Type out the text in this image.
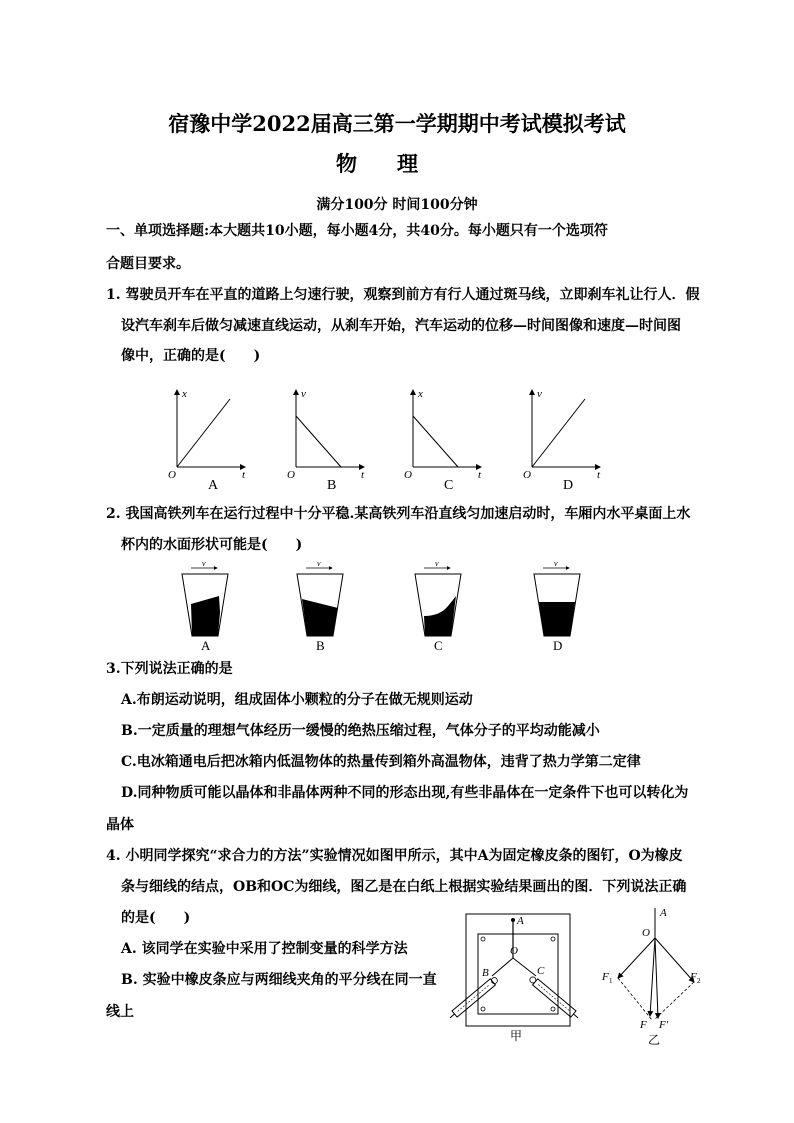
宿豫中学2022届高三第一学期期中考试模拟考试
物理
满分100分 时间100分钟
一、单项选择题:本大题共10小题，每小题4分，共40分。每小题只有一个选项符
合题目要求。
1. 驾驶员开车在平直的道路上匀速行驶，观察到前方有行人通过斑马线，立即刹车礼让行人．假
设汽车刹车后做匀减速直线运动，从刹车开始，汽车运动的位移—时间图像和速度—时间图
像中，正确的是(　　)
x
t
O
A
v
t
O
B
x
t
O
C
v
t
O
D
2. 我国高铁列车在运行过程中十分平稳.某高铁列车沿直线匀加速启动时，车厢内水平桌面上水
杯内的水面形状可能是(　　)
v
A
v
B
v
C
v
D
3.下列说法正确的是
A.布朗运动说明，组成固体小颗粒的分子在做无规则运动
B.一定质量的理想气体经历一缓慢的绝热压缩过程，气体分子的平均动能减小
C.电冰箱通电后把冰箱内低温物体的热量传到箱外高温物体，违背了热力学第二定律
D.同种物质可能以晶体和非晶体两种不同的形态出现,有些非晶体在一定条件下也可以转化为
晶体
4. 小明同学探究“求合力的方法”实验情况如图甲所示，其中A为固定橡皮条的图钉，O为橡皮
条与细线的结点，OB和OC为细线，图乙是在白纸上根据实验结果画出的图．下列说法正确
的是(　　)
A. 该同学在实验中采用了控制变量的科学方法
B. 实验中橡皮条应与两细线夹角的平分线在同一直
线上
A
O
B	C
甲
A
O
F 1	F 2
F F′
乙
